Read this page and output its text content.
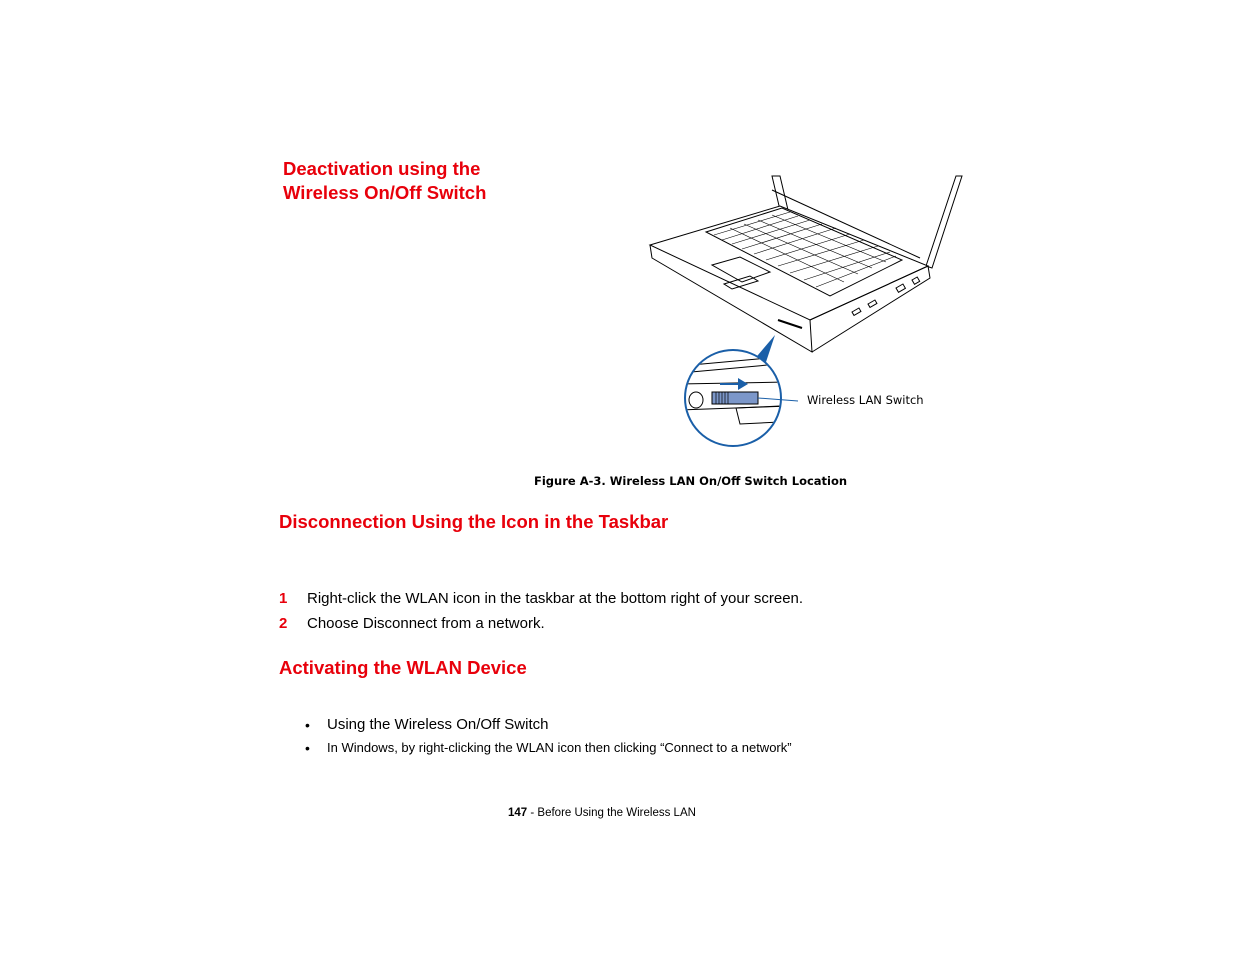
Deactivation using the
Wireless On/Off Switch
Wireless LAN Switch
Figure A-3. Wireless LAN On/Off Switch Location
Disconnection Using the Icon in the Taskbar
1 Right-click the WLAN icon in the taskbar at the bottom right of your screen.
2 Choose Disconnect from a network.
Activating the WLAN Device
• Using the Wireless On/Off Switch
• In Windows, by right-clicking the WLAN icon then clicking “Connect to a network”
147 - Before Using the Wireless LAN
